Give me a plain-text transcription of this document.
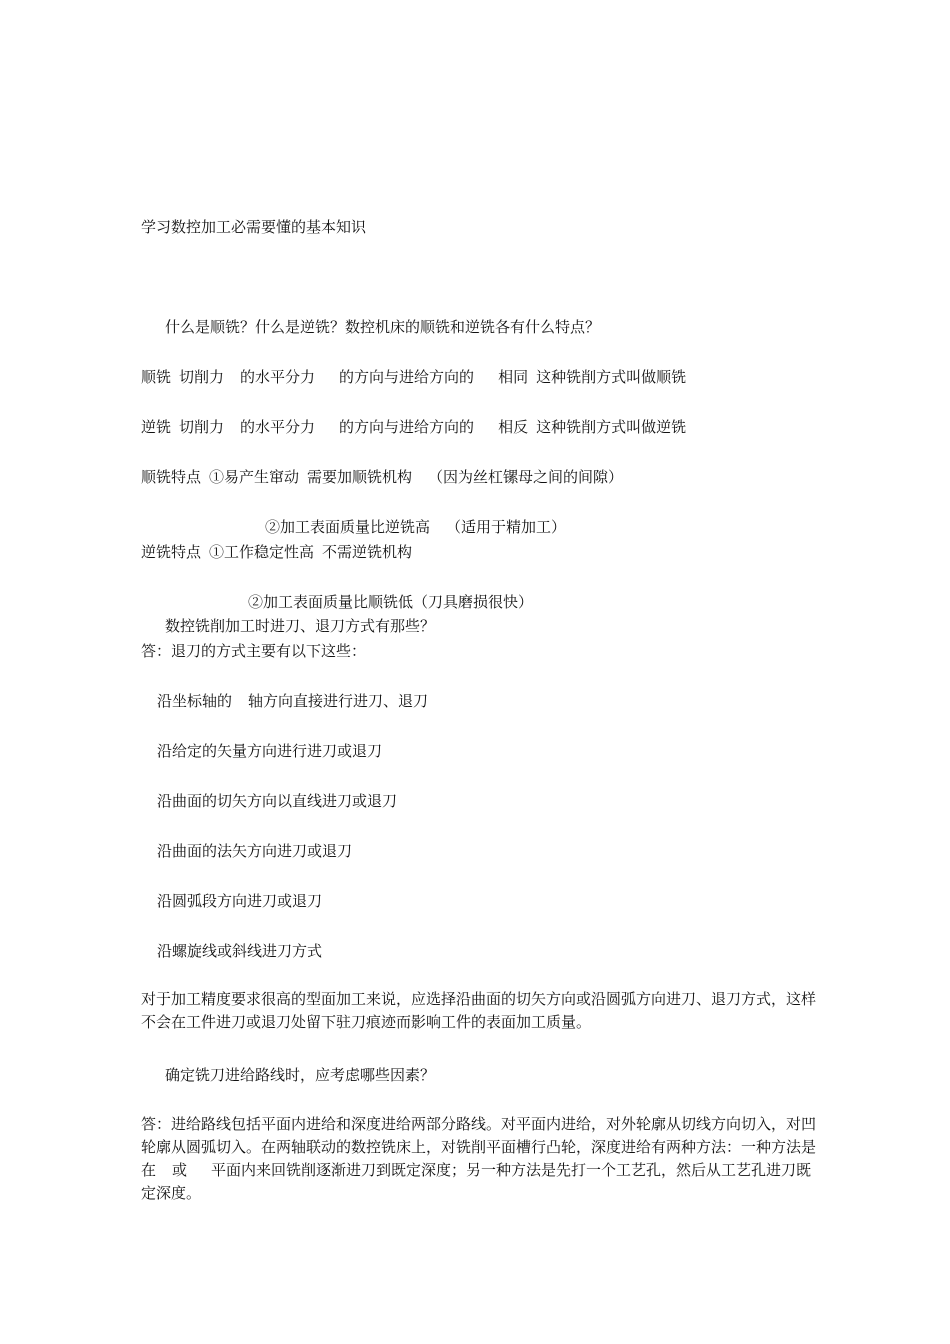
学习数控加工必需要懂的基本知识
什么是顺铣？什么是逆铣？数控机床的顺铣和逆铣各有什么特点？
顺铣 切削力 的水平分力 的方向与进给方向的 相同 这种铣削方式叫做顺铣
逆铣 切削力 的水平分力 的方向与进给方向的 相反 这种铣削方式叫做逆铣
顺铣特点 ①易产生窜动 需要加顺铣机构 （因为丝杠镙母之间的间隙）
②加工表面质量比逆铣高 （适用于精加工）
逆铣特点 ①工作稳定性高 不需逆铣机构
②加工表面质量比顺铣低（刀具磨损很快）
数控铣削加工时进刀、退刀方式有那些？
答：退刀的方式主要有以下这些：
沿坐标轴的 轴方向直接进行进刀、退刀
沿给定的矢量方向进行进刀或退刀
沿曲面的切矢方向以直线进刀或退刀
沿曲面的法矢方向进刀或退刀
沿圆弧段方向进刀或退刀
沿螺旋线或斜线进刀方式
对于加工精度要求很高的型面加工来说，应选择沿曲面的切矢方向或沿圆弧方向进刀、退刀方式，这样不会在工件进刀或退刀处留下驻刀痕迹而影响工件的表面加工质量。
确定铣刀进给路线时，应考虑哪些因素？
答：进给路线包括平面内进给和深度进给两部分路线。对平面内进给，对外轮廓从切线方向切入，对凹轮廓从圆弧切入。在两轴联动的数控铣床上，对铣削平面槽行凸轮，深度进给有两种方法：一种方法是在 或 平面内来回铣削逐渐进刀到既定深度；另一种方法是先打一个工艺孔，然后从工艺孔进刀既定深度。
